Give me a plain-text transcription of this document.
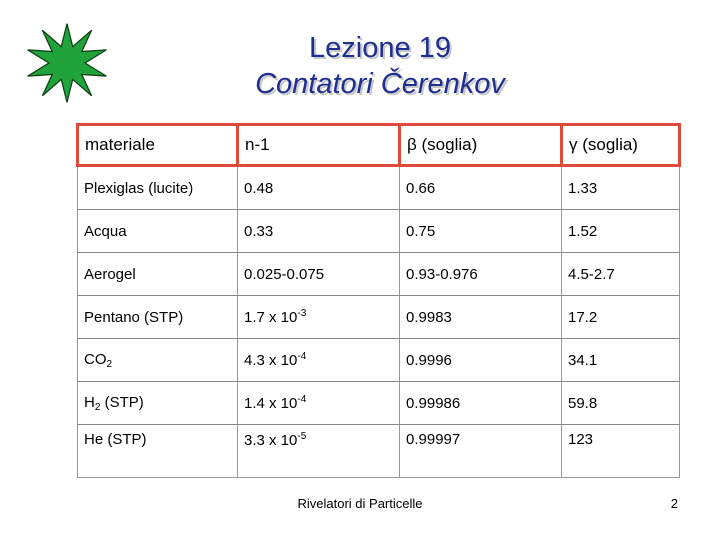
Lezione 19
Contatori Čerenkov
materiale	n-1	β (soglia)	γ (soglia)
Plexiglas (lucite)	0.48	0.66	1.33
Acqua	0.33	0.75	1.52
Aerogel	0.025-0.075	0.93-0.976	4.5-2.7
Pentano (STP)	1.7 x $10^{-3}$	0.9983	17.2
$CO_2$	4.3 x $10^{-4}$	0.9996	34.1
$H_2$ (STP)	1.4 x $10^{-4}$	0.99986	59.8
He (STP)	3.3 x $10^{-5}$	0.99997	123
Rivelatori di Particelle	2
